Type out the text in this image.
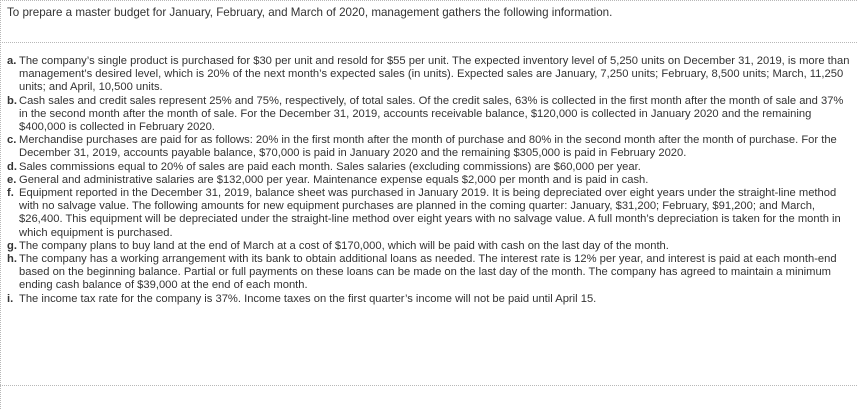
To prepare a master budget for January, February, and March of 2020, management gathers the following information.
a. The company’s single product is purchased for $30 per unit and resold for $55 per unit. The expected inventory level of 5,250 units on December 31, 2019, is more than management’s desired level, which is 20% of the next month’s expected sales (in units). Expected sales are January, 7,250 units; February, 8,500 units; March, 11,250 units; and April, 10,500 units.
b. Cash sales and credit sales represent 25% and 75%, respectively, of total sales. Of the credit sales, 63% is collected in the first month after the month of sale and 37% in the second month after the month of sale. For the December 31, 2019, accounts receivable balance, $120,000 is collected in January 2020 and the remaining $400,000 is collected in February 2020.
c. Merchandise purchases are paid for as follows: 20% in the first month after the month of purchase and 80% in the second month after the month of purchase. For the December 31, 2019, accounts payable balance, $70,000 is paid in January 2020 and the remaining $305,000 is paid in February 2020.
d. Sales commissions equal to 20% of sales are paid each month. Sales salaries (excluding commissions) are $60,000 per year.
e. General and administrative salaries are $132,000 per year. Maintenance expense equals $2,000 per month and is paid in cash.
f. Equipment reported in the December 31, 2019, balance sheet was purchased in January 2019. It is being depreciated over eight years under the straight-line method with no salvage value. The following amounts for new equipment purchases are planned in the coming quarter: January, $31,200; February, $91,200; and March, $26,400. This equipment will be depreciated under the straight-line method over eight years with no salvage value. A full month’s depreciation is taken for the month in which equipment is purchased.
g. The company plans to buy land at the end of March at a cost of $170,000, which will be paid with cash on the last day of the month.
h. The company has a working arrangement with its bank to obtain additional loans as needed. The interest rate is 12% per year, and interest is paid at each month-end based on the beginning balance. Partial or full payments on these loans can be made on the last day of the month. The company has agreed to maintain a minimum ending cash balance of $39,000 at the end of each month.
i. The income tax rate for the company is 37%. Income taxes on the first quarter’s income will not be paid until April 15.
